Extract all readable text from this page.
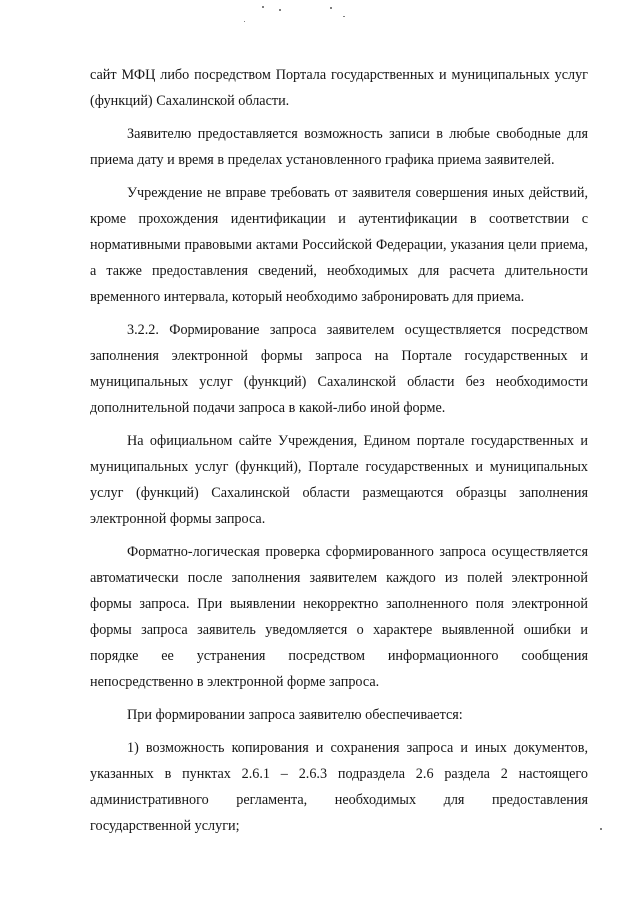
сайт МФЦ либо посредством Портала государственных и муниципальных услуг (функций) Сахалинской области.

Заявителю предоставляется возможность записи в любые свободные для приема дату и время в пределах установленного графика приема заявителей.

Учреждение не вправе требовать от заявителя совершения иных действий, кроме прохождения идентификации и аутентификации в соответствии с нормативными правовыми актами Российской Федерации, указания цели приема, а также предоставления сведений, необходимых для расчета длительности временного интервала, который необходимо забронировать для приема.

3.2.2. Формирование запроса заявителем осуществляется посредством заполнения электронной формы запроса на Портале государственных и муниципальных услуг (функций) Сахалинской области без необходимости дополнительной подачи запроса в какой-либо иной форме.

На официальном сайте Учреждения, Едином портале государственных и муниципальных услуг (функций), Портале государственных и муниципальных услуг (функций) Сахалинской области размещаются образцы заполнения электронной формы запроса.

Форматно-логическая проверка сформированного запроса осуществляется автоматически после заполнения заявителем каждого из полей электронной формы запроса. При выявлении некорректно заполненного поля электронной формы запроса заявитель уведомляется о характере выявленной ошибки и порядке ее устранения посредством информационного сообщения непосредственно в электронной форме запроса.

При формировании запроса заявителю обеспечивается:

1) возможность копирования и сохранения запроса и иных документов, указанных в пунктах 2.6.1 – 2.6.3 подраздела 2.6 раздела 2 настоящего административного регламента, необходимых для предоставления государственной услуги;
